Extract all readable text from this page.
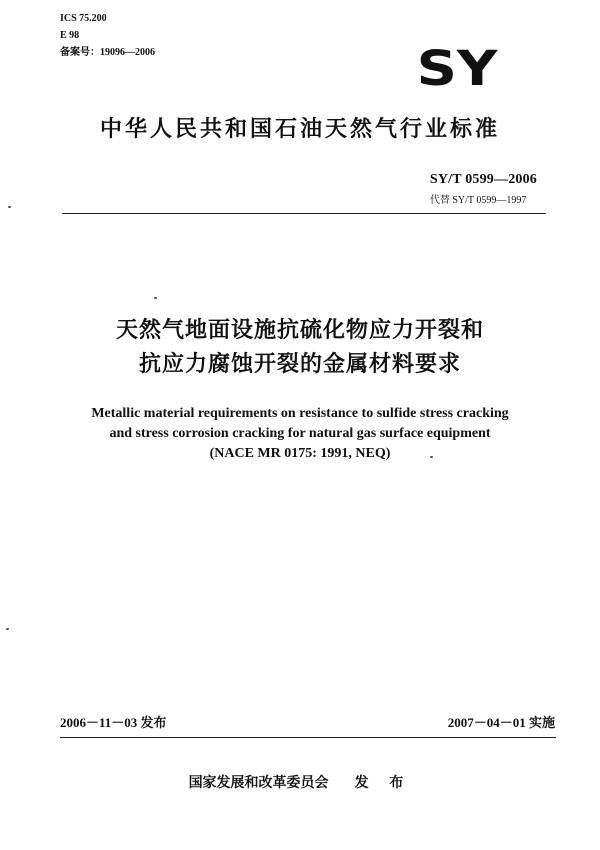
ICS 75.200
E 98
备案号：19096—2006	SY
中华人民共和国石油天然气行业标准
SY/T 0599—2006
代替 SY/T 0599—1997
天然气地面设施抗硫化物应力开裂和
抗应力腐蚀开裂的金属材料要求
Metallic material requirements on resistance to sulfide stress cracking
and stress corrosion cracking for natural gas surface equipment
(NACE MR 0175: 1991, NEQ)
2006－11－03 发布	2007－04－01 实施
国家发展和改革委员会 发 布
